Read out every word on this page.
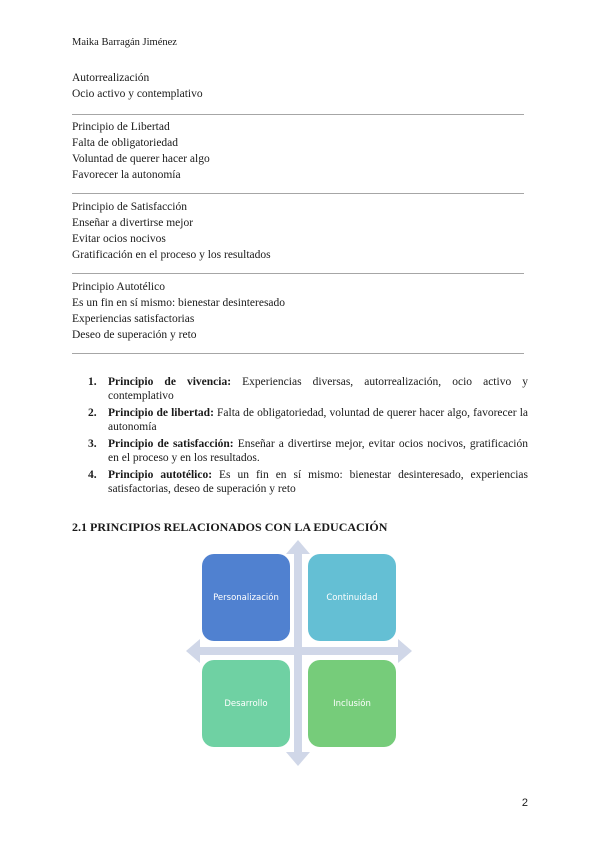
Maika Barragán Jiménez
Autorrealización
Ocio activo y contemplativo
Principio de Libertad
Falta de obligatoriedad
Voluntad de querer hacer algo
Favorecer la autonomía
Principio de Satisfacción
Enseñar a divertirse mejor
Evitar ocios nocivos
Gratificación en el proceso y los resultados
Principio Autotélico
Es un fin en sí mismo: bienestar desinteresado
Experiencias satisfactorias
Deseo de superación y reto
1. Principio de vivencia: Experiencias diversas, autorrealización, ocio activo y contemplativo
2. Principio de libertad: Falta de obligatoriedad, voluntad de querer hacer algo, favorecer la autonomía
3. Principio de satisfacción: Enseñar a divertirse mejor, evitar ocios nocivos, gratificación en el proceso y en los resultados.
4. Principio autotélico: Es un fin en sí mismo: bienestar desinteresado, experiencias satisfactorias, deseo de superación y reto
2.1 PRINCIPIOS RELACIONADOS CON LA EDUCACIÓN
Personalización	Continuidad
Desarrollo	Inclusión
2
